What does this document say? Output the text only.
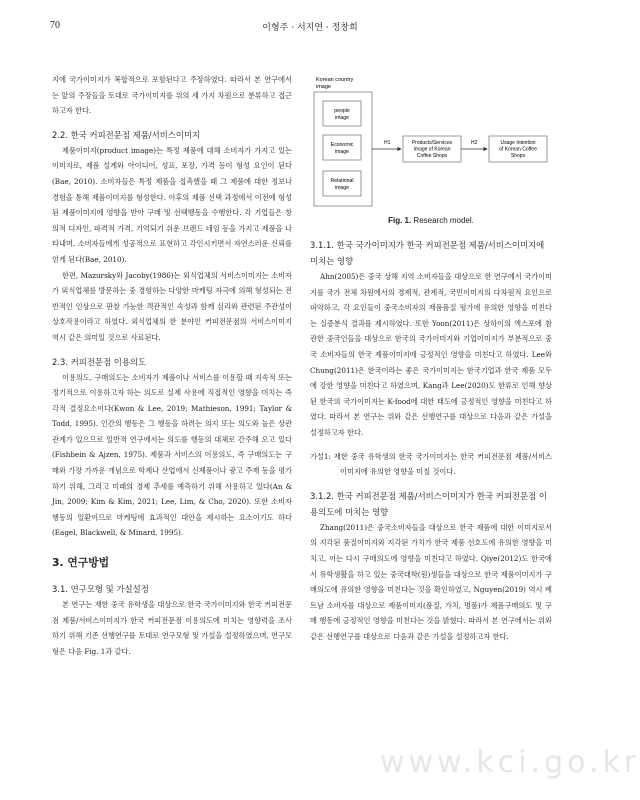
70	이형주 · 서지연 · 정창희

지에 국가이미지가 복합적으로 포함된다고 주장하였다. 따라서 본 연구에서는 앞의 주장들을 토대로 국가이미지를 위의 세 가지 차원으로 분류하고 접근하고자 한다.

2.2. 한국 커피전문점 제품/서비스이미지

제품이미지(product image)는 특정 제품에 대해 소비자가 가지고 있는 이미지로, 제품 설계와 아이디어, 성표, 포장, 가격 등이 형성 요인이 된다(Bae, 2010). 소비자들은 특정 제품을 접촉했을 때 그 제품에 대한 정보나 경험을 통해 제품이미지를 형성한다. 이후의 제품 선택 과정에서 이전에 형성된 제품이미지에 영향을 받아 구매 및 선택행동을 수행한다. 각 기업들은 창의적 디자인, 파격적 가격, 기억되기 쉬운 브랜드 네임 등을 가지고 제품을 나타내며, 소비자들에게 성공적으로 표현하고 각인시키면서 자연스러운 신뢰를 얻게 된다(Bae, 2010).

한편, Mazursky와 Jacoby(1986)는 외식업체의 서비스이미지는 소비자가 외식업체를 방문하는 중 경험하는 다양한 마케팅 자극에 의해 형성되는 전반적인 인상으로 판찰 가능한 객관적인 속성과 함께 심리와 관련된 주관성이 상호작용이라고 하였다. 외식업체의 한 분야인 커피전문점의 서비스이미지 역시 같은 의미일 것으로 사료된다.

2.3. 커피전문점 이용의도

이용의도, 구매의도는 소비자가 제품이나 서비스를 이용할 때 지속적 또는 정기적으로 이용하고자 하는 의도로 실제 사용에 직접적인 영향을 미치는 즉각적 결정요소이다(Kwon & Lee, 2019; Mathieson, 1991; Taylor & Todd, 1995). 인간의 행동은 그 행동을 하려는 의지 또는 의도와 높은 상관관계가 있으므로 일반적 연구에서는 의도를 행동의 대체로 간주해 오고 있다(Fishbein & Ajzen, 1975). 제품과 서비스의 이용의도, 즉 구매의도는 구매와 가장 가까운 개념으로 학계나 산업에서 신제품이나 광고 주제 등을 평가하기 위해, 그리고 미래의 경제 추세를 예측하기 위해 사용하고 있다(An & Jin, 2009; Kim & Kim, 2021; Lee, Lim, & Cho, 2020). 또한 소비자 행동의 일환이므로 마케팅에 효과적인 대안을 제시하는 요소이기도 하다(Eagel, Blackwell, & Minard, 1995).

3. 연구방법

3.1. 연구모형 및 가설설정

본 연구는 재한 중국 유학생을 대상으로 한국 국가이미지와 한국 커피전문점 제품/서비스이미지가 한국 커피전문점 이용의도에 미치는 영향력을 조사하기 위해 기존 선행연구를 토대로 연구모형 및 가설을 설정하였으며, 연구모형은 다음 Fig. 1과 같다.

Korean country
image
people
image
Economic
image
Relational
image
H1	Products/Services
Image of Korean
Coffee Shops
H2	Usage Intention
of Korean Coffee
Shops

Fig. 1. Research model.

3.1.1. 한국 국가이미지가 한국 커피전문점 제품/서비스이미지에 미치는 영향

Ahn(2005)은 중국 상해 지역 소비자들을 대상으로 한 연구에서 국가이미지를 국가 전체 차원에서의 경제적, 관계적, 국민이미지의 다차원적 요인으로 파악하고, 각 요인들이 중국소비자의 제품품질 평가에 유의한 영향을 미친다는 실증분석 결과를 제시하였다. 또한 Yoon(2011)은 상하이의 액스포에 참관한 중국인들을 대상으로 한국의 국가이미지와 기업이미지가 부분적으로 중국 소비자들의 한국 제품이미지에 긍정적인 영향을 미친다고 하였다. Lee와 Chung(2011)은 한국이라는 좋은 국가이미지는 한국기업과 한국 제품 모두에 강한 영향을 미친다고 하였으며, Kang과 Lee(2020)도 한류로 인해 향상된 한국의 국가이미지는 K-food에 대한 태도에 긍정적인 영향을 미친다고 하였다. 따라서 본 연구는 위와 같은 선행연구를 대상으로 다음과 같은 가설을 설정하고자 한다.

가설1: 재한 중국 유학생의 한국 국가이미지는 한국 커피전문점 제품/서비스이미지에 유의한 영향을 미칠 것이다.

3.1.2. 한국 커피전문점 제품/서비스이미지가 한국 커피전문점 이용의도에 미치는 영향

Zhang(2011)은 중국소비자들을 대상으로 한국 제품에 대한 이미지로서의 지각된 품질이미지와 지각된 가치가 한국 제품 선호도에 유의한 영향을 미치고, 이는 다시 구매의도에 영향을 미친다고 하였다. Qiye(2012)도 한국에서 유학생활을 하고 있는 중국대학(원)생들을 대상으로 한국 제품이미지가 구매의도에 유의한 영향을 미친다는 것을 확인하였고, Nguyen(2019) 역시 베트남 소비자를 대상으로 제품이미지(품질, 가치, 명품)가 제품구매의도 및 구매 행동에 긍정적인 영향을 미친다는 것을 밝혔다. 따라서 본 연구에서는 위와 같은 선행연구를 대상으로 다음과 같은 가설을 설정하고자 한다.

www.kci.go.kr
